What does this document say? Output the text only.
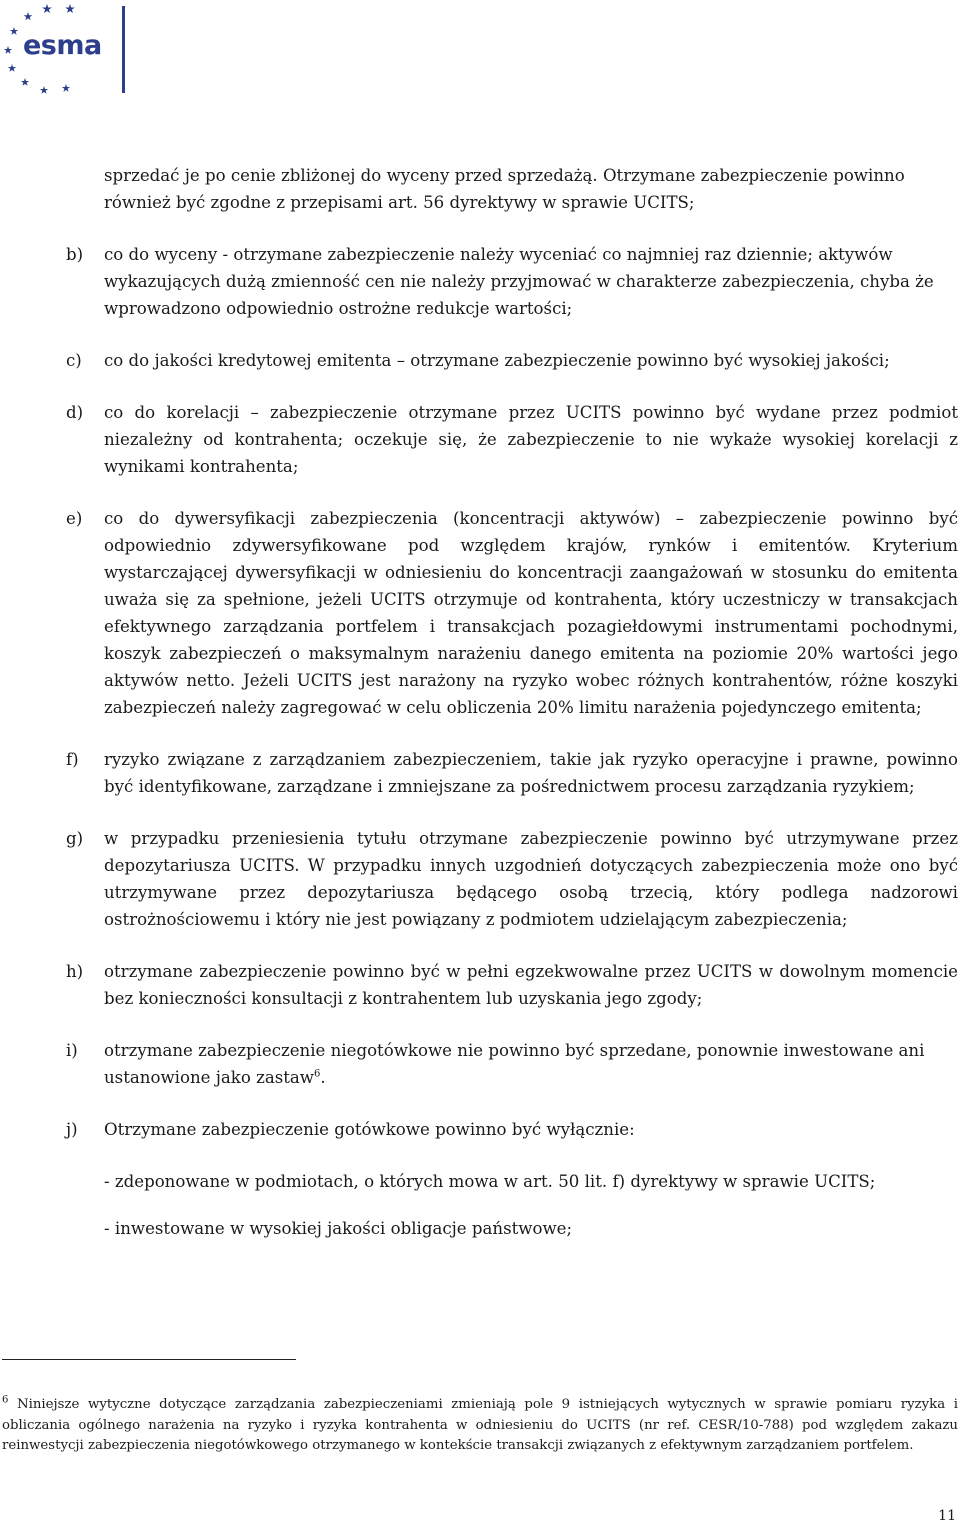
esma

sprzedać je po cenie zbliżonej do wyceny przed sprzedażą. Otrzymane zabezpieczenie powinno również być zgodne z przepisami art. 56 dyrektywy w sprawie UCITS;

b)	co do wyceny - otrzymane zabezpieczenie należy wyceniać co najmniej raz dziennie; aktywów wykazujących dużą zmienność cen nie należy przyjmować w charakterze zabezpieczenia, chyba że wprowadzono odpowiednio ostrożne redukcje wartości;
c)	co do jakości kredytowej emitenta – otrzymane zabezpieczenie powinno być wysokiej jakości;
d)	co do korelacji – zabezpieczenie otrzymane przez UCITS powinno być wydane przez podmiot niezależny od kontrahenta; oczekuje się, że zabezpieczenie to nie wykaże wysokiej korelacji z wynikami kontrahenta;
e)	co do dywersyfikacji zabezpieczenia (koncentracji aktywów) – zabezpieczenie powinno być odpowiednio zdywersyfikowane pod względem krajów, rynków i emitentów. Kryterium wystarczającej dywersyfikacji w odniesieniu do koncentracji zaangażowań w stosunku do emitenta uważa się za spełnione, jeżeli UCITS otrzymuje od kontrahenta, który uczestniczy w transakcjach efektywnego zarządzania portfelem i transakcjach pozagiełdowymi instrumentami pochodnymi, koszyk zabezpieczeń o maksymalnym narażeniu danego emitenta na poziomie 20% wartości jego aktywów netto. Jeżeli UCITS jest narażony na ryzyko wobec różnych kontrahentów, różne koszyki zabezpieczeń należy zagregować w celu obliczenia 20% limitu narażenia pojedynczego emitenta;
f)	ryzyko związane z zarządzaniem zabezpieczeniem, takie jak ryzyko operacyjne i prawne, powinno być identyfikowane, zarządzane i zmniejszane za pośrednictwem procesu zarządzania ryzykiem;
g)	w przypadku przeniesienia tytułu otrzymane zabezpieczenie powinno być utrzymywane przez depozytariusza UCITS. W przypadku innych uzgodnień dotyczących zabezpieczenia może ono być utrzymywane przez depozytariusza będącego osobą trzecią, który podlega nadzorowi ostrożnościowemu i który nie jest powiązany z podmiotem udzielającym zabezpieczenia;
h)	otrzymane zabezpieczenie powinno być w pełni egzekwowalne przez UCITS w dowolnym momencie bez konieczności konsultacji z kontrahentem lub uzyskania jego zgody;
i)	otrzymane zabezpieczenie niegotówkowe nie powinno być sprzedane, ponownie inwestowane ani ustanowione jako zastaw$^6$.
j)	Otrzymane zabezpieczenie gotówkowe powinno być wyłącznie:

- zdeponowane w podmiotach, o których mowa w art. 50 lit. f) dyrektywy w sprawie UCITS;

- inwestowane w wysokiej jakości obligacje państwowe;

$^6$ Niniejsze wytyczne dotyczące zarządzania zabezpieczeniami zmieniają pole 9 istniejących wytycznych w sprawie pomiaru ryzyka i obliczania ogólnego narażenia na ryzyko i ryzyka kontrahenta w odniesieniu do UCITS (nr ref. CESR/10-788) pod względem zakazu reinwestycji zabezpieczenia niegotówkowego otrzymanego w kontekście transakcji związanych z efektywnym zarządzaniem portfelem.
11
